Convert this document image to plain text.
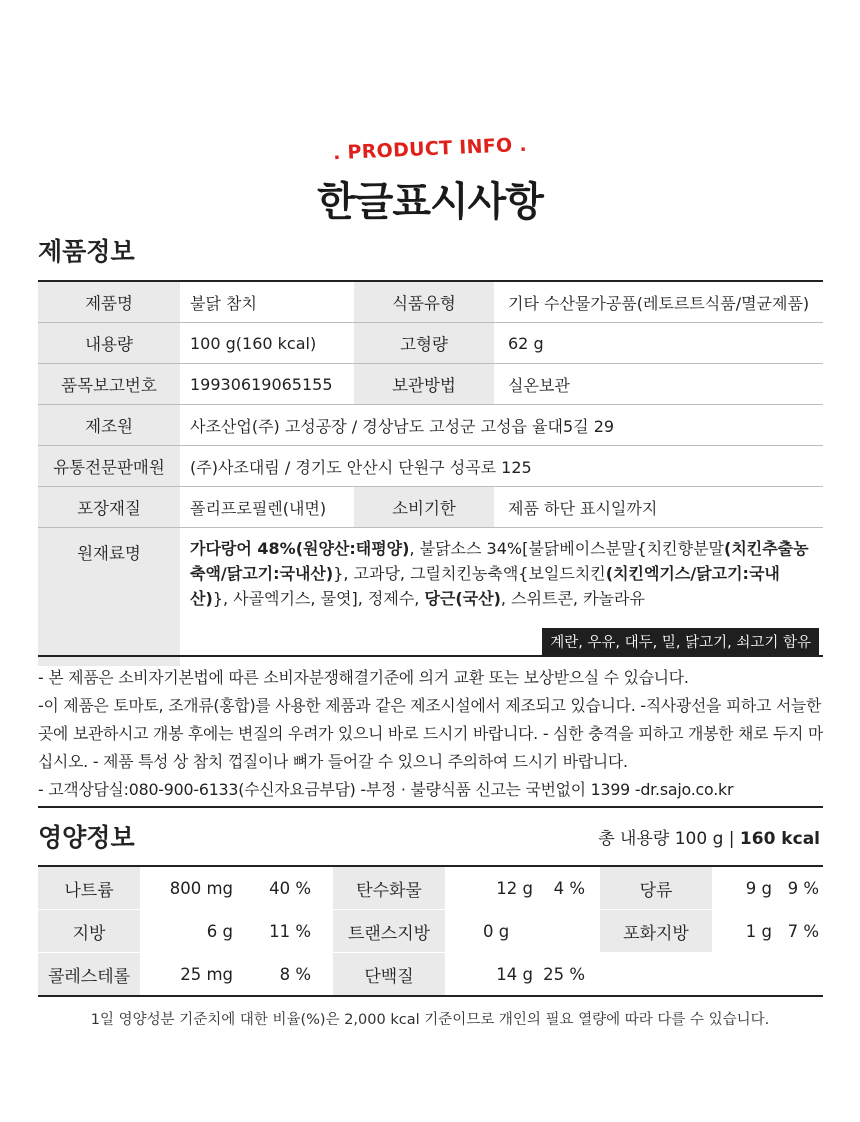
. PRODUCT INFO .
한글표시사항
제품정보
제품명	불닭 참치	식품유형	기타 수산물가공품(레토르트식품/멸균제품)
내용량	100 g(160 kcal)	고형량	62 g
품목보고번호	19930619065155	보관방법	실온보관
제조원	사조산업(주) 고성공장 / 경상남도 고성군 고성읍 율대5길 29
유통전문판매원	(주)사조대림 / 경기도 안산시 단원구 성곡로 125
포장재질	폴리프로필렌(내면)	소비기한	제품 하단 표시일까지
원재료명	가다랑어 48%(원양산:태평양), 불닭소스 34%[불닭베이스분말{치킨향분말(치킨추출농축액/닭고기:국내산)}, 고과당, 그릴치킨농축액{보일드치킨(치킨엑기스/닭고기:국내산)}, 사골엑기스, 물엿], 정제수, 당근(국산), 스위트콘, 카놀라유
계란, 우유, 대두, 밀, 닭고기, 쇠고기 함유

- 본 제품은 소비자기본법에 따른 소비자분쟁해결기준에 의거 교환 또는 보상받으실 수 있습니다.

-이 제품은 토마토, 조개류(홍합)를 사용한 제품과 같은 제조시설에서 제조되고 있습니다. -직사광선을 피하고 서늘한 곳에 보관하시고 개봉 후에는 변질의 우려가 있으니 바로 드시기 바랍니다. - 심한 충격을 피하고 개봉한 채로 두지 마십시오. - 제품 특성 상 참치 껍질이나 뼈가 들어갈 수 있으니 주의하여 드시기 바랍니다.

- 고객상담실:080-900-6133(수신자요금부담) -부정 · 불량식품 신고는 국번없이 1399 -dr.sajo.co.kr

영양정보	총 내용량 100 g | 160 kcal
나트륨	800 mg	40 %	탄수화물	12 g	4 %	당류	9 g 9 %
지방	6 g	11 %	트랜스지방	0 g	포화지방	1 g 7 %
콜레스테롤	25 mg	8 %	단백질	14 g 25 %
1일 영양성분 기준치에 대한 비율(%)은 2,000 kcal 기준이므로 개인의 필요 열량에 따라 다를 수 있습니다.
